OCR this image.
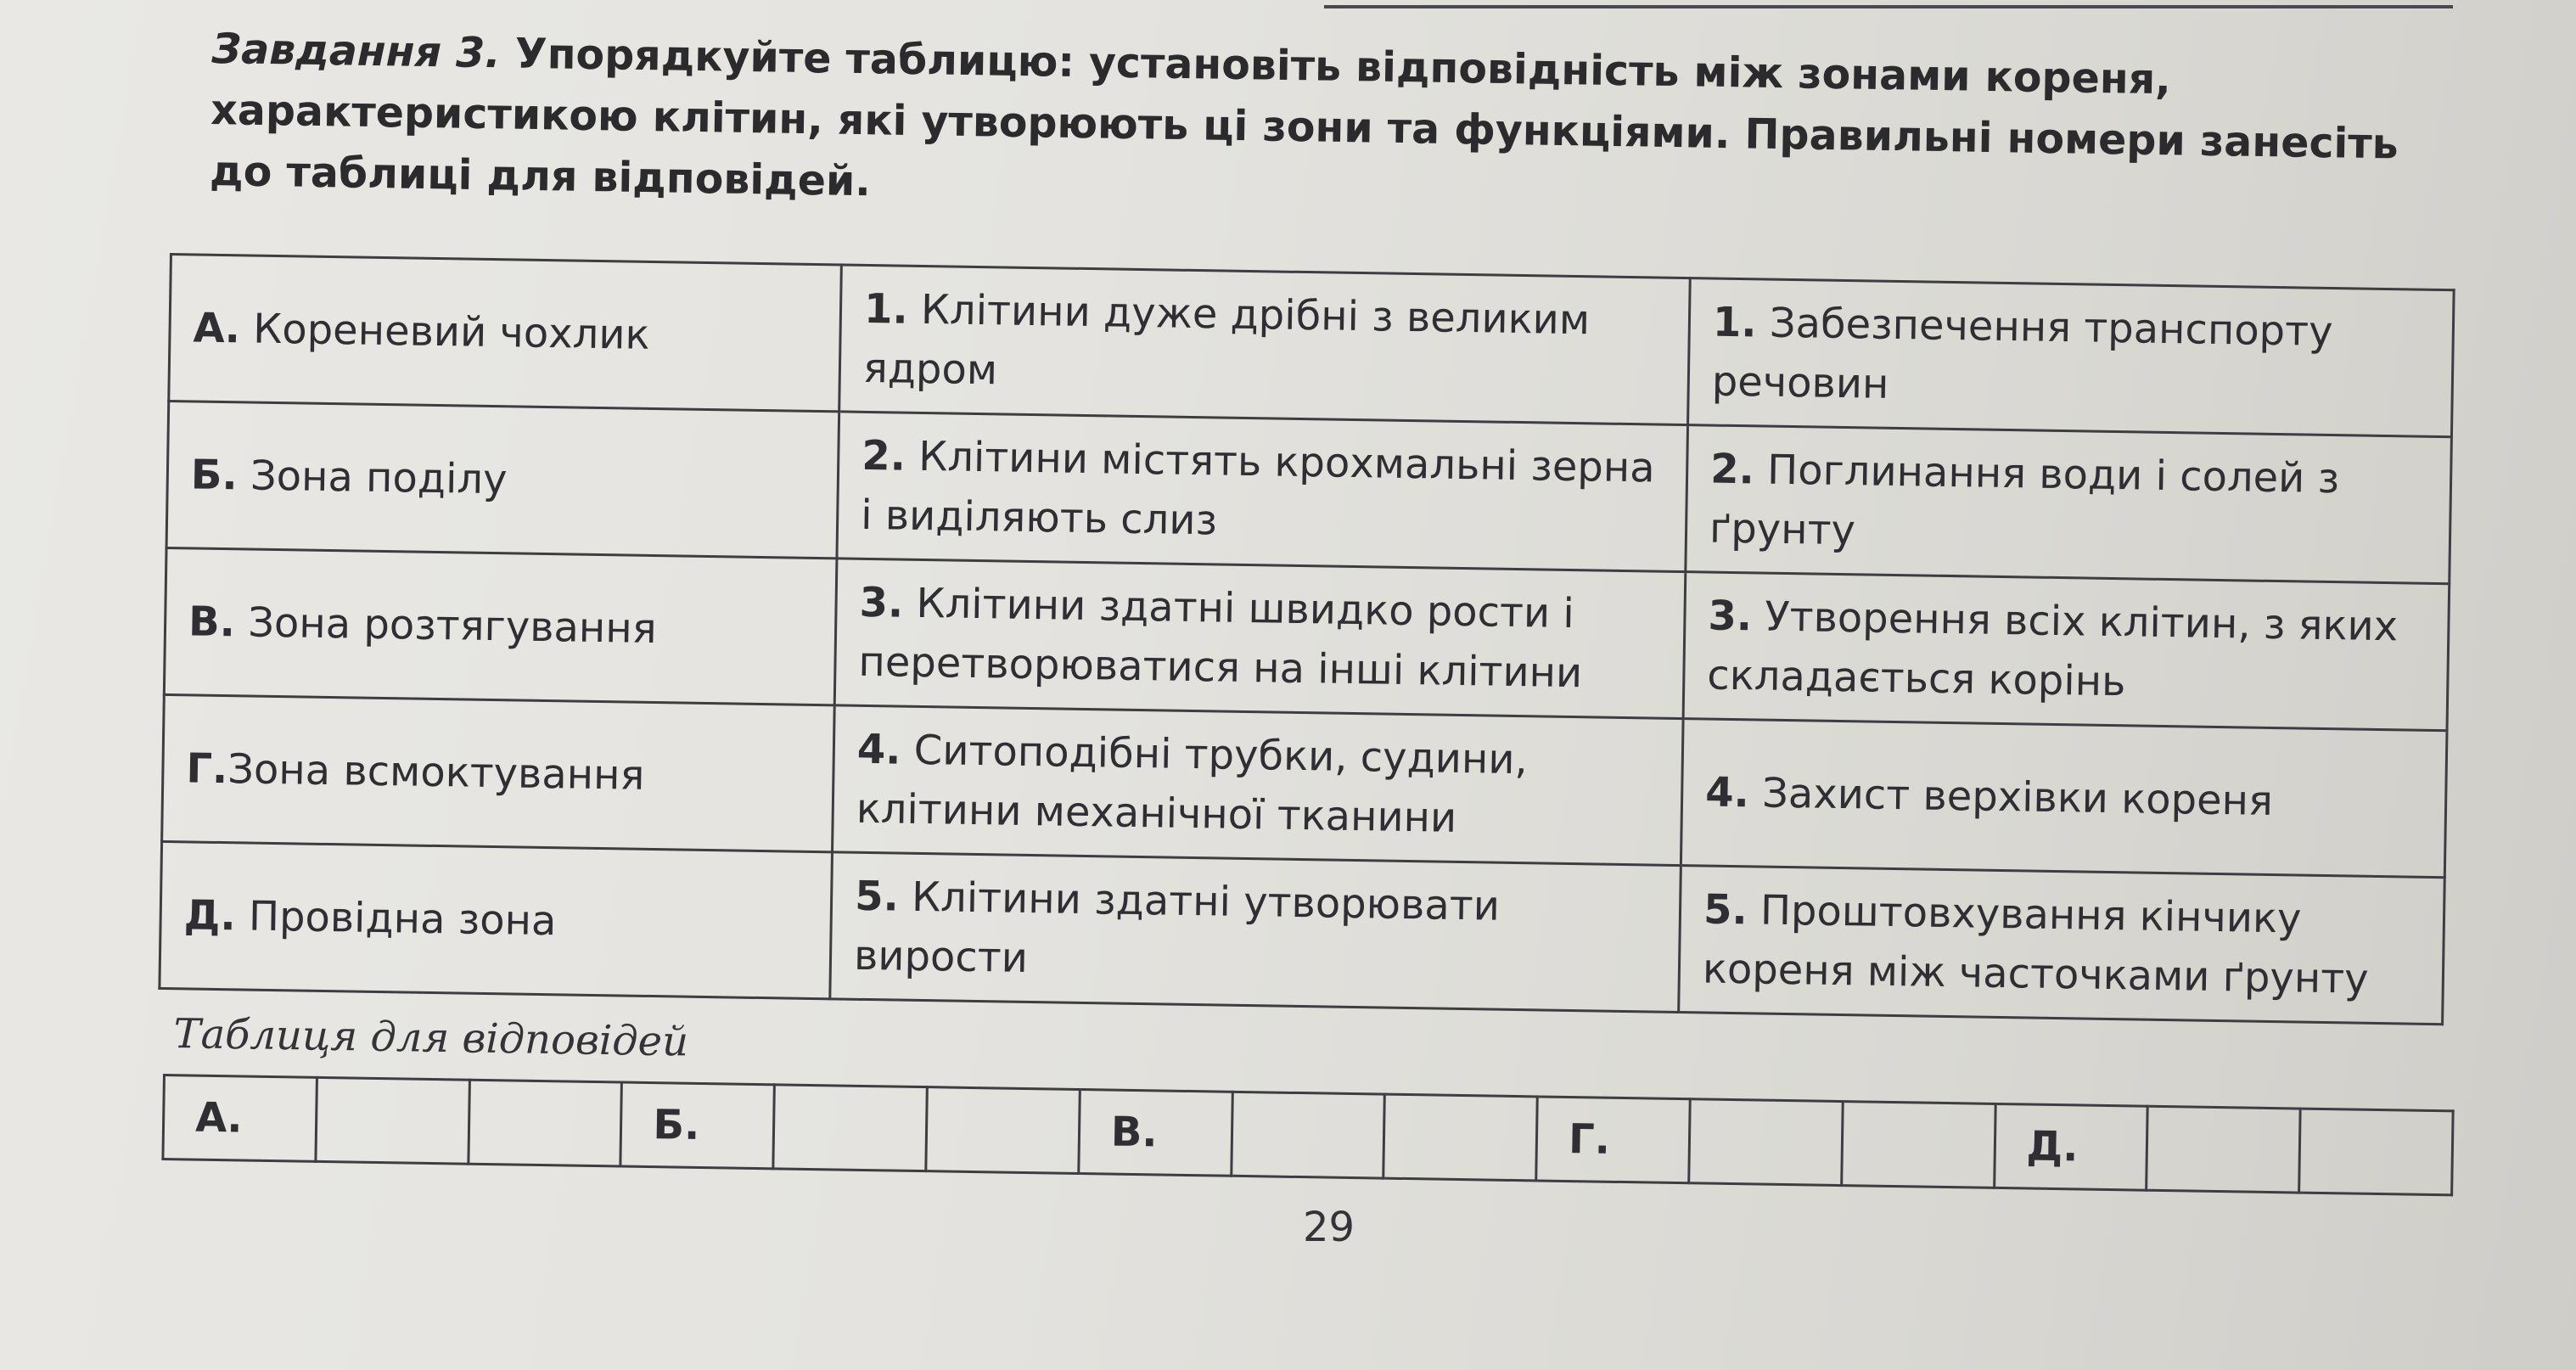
Завдання 3. Упорядкуйте таблицю: установіть відповідність між зонами кореня, характеристикою клітин, які утворюють ці зони та функціями. Правильні номери занесіть до таблиці для відповідей.
А. Кореневий чохлик	1. Клітини дуже дрібні з великим ядром	1. Забезпечення транспорту речовин
Б. Зона поділу	2. Клітини містять крохмальні зерна і виділяють слиз	2. Поглинання води і солей з ґрунту
В. Зона розтягування	3. Клітини здатні швидко рости і перетворюватися на інші клітини	3. Утворення всіх клітин, з яких складається корінь
Г.Зона всмоктування	4. Ситоподібні трубки, судини, клітини механічної тканини	4. Захист верхівки кореня
Д. Провідна зона	5. Клітини здатні утворювати вирости	5. Проштовхування кінчику кореня між часточками ґрунту
Таблиця для відповідей
А.			Б.			В.			Г.			Д.		
29
